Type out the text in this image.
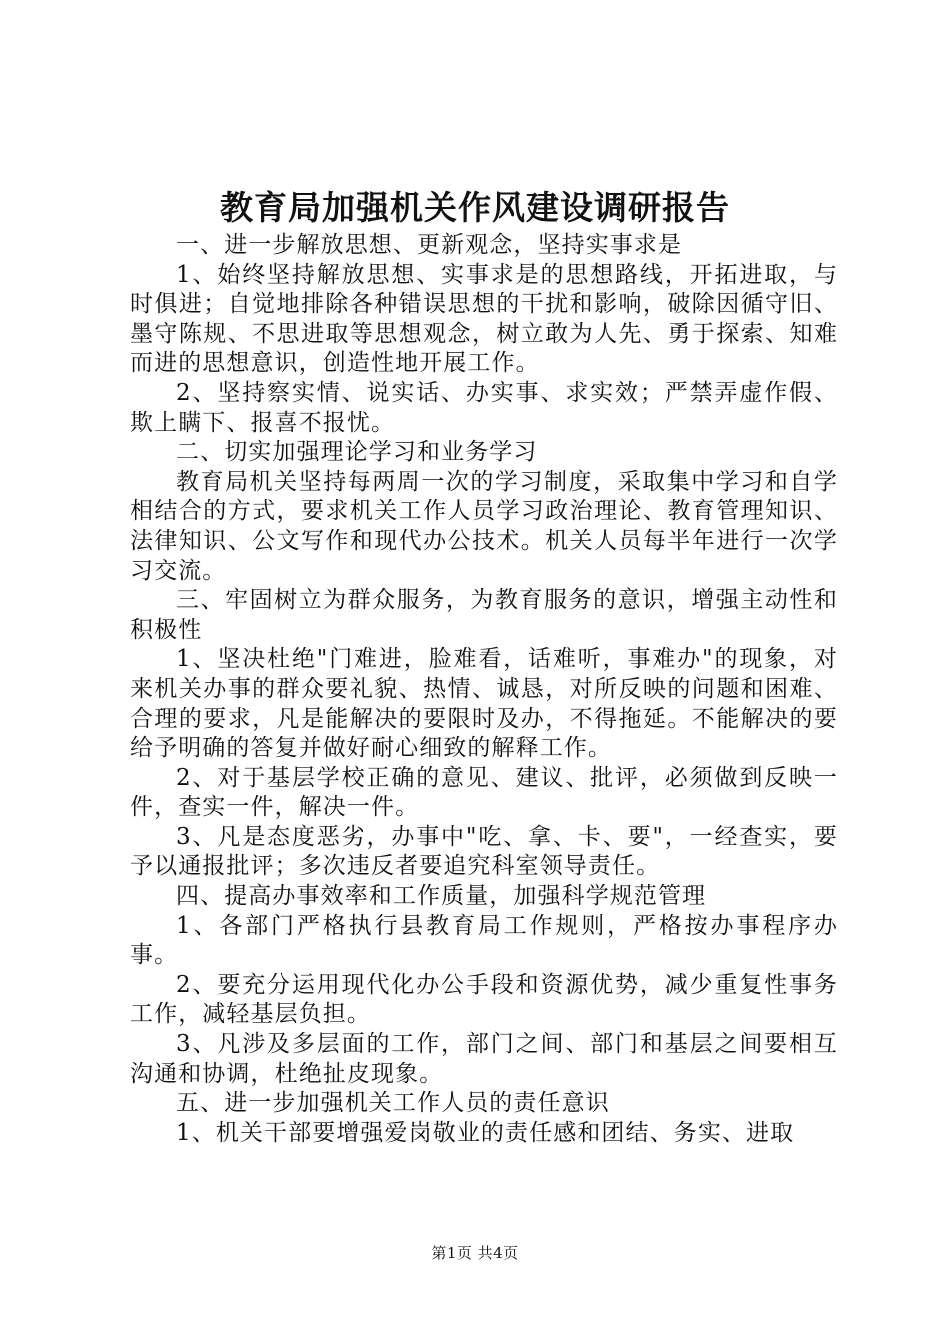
教育局加强机关作风建设调研报告

一、进一步解放思想、更新观念，坚持实事求是

1、始终坚持解放思想、实事求是的思想路线，开拓进取，与时俱进；自觉地排除各种错误思想的干扰和影响，破除因循守旧、墨守陈规、不思进取等思想观念，树立敢为人先、勇于探索、知难而进的思想意识，创造性地开展工作。

2、坚持察实情、说实话、办实事、求实效；严禁弄虚作假、欺上瞒下、报喜不报忧。

二、切实加强理论学习和业务学习

教育局机关坚持每两周一次的学习制度，采取集中学习和自学相结合的方式，要求机关工作人员学习政治理论、教育管理知识、法律知识、公文写作和现代办公技术。机关人员每半年进行一次学习交流。

三、牢固树立为群众服务，为教育服务的意识，增强主动性和积极性

1、坚决杜绝"门难进，脸难看，话难听，事难办"的现象，对来机关办事的群众要礼貌、热情、诚恳，对所反映的问题和困难、合理的要求，凡是能解决的要限时及办，不得拖延。不能解决的要给予明确的答复并做好耐心细致的解释工作。

2、对于基层学校正确的意见、建议、批评，必须做到反映一件，查实一件，解决一件。

3、凡是态度恶劣，办事中"吃、拿、卡、要"，一经查实，要予以通报批评；多次违反者要追究科室领导责任。

四、提高办事效率和工作质量，加强科学规范管理

1、各部门严格执行县教育局工作规则，严格按办事程序办事。

2、要充分运用现代化办公手段和资源优势，减少重复性事务工作，减轻基层负担。

3、凡涉及多层面的工作，部门之间、部门和基层之间要相互沟通和协调，杜绝扯皮现象。

五、进一步加强机关工作人员的责任意识

1、机关干部要增强爱岗敬业的责任感和团结、务实、进取

第1页 共4页
